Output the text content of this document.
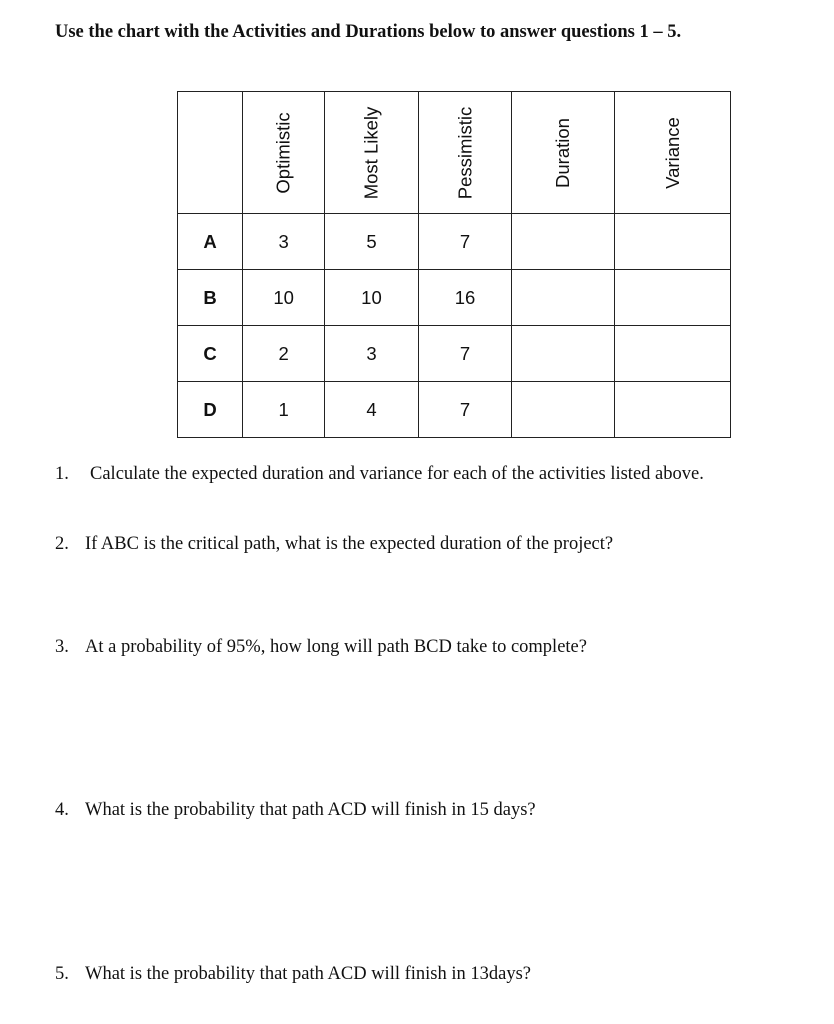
Use the chart with the Activities and Durations below to answer questions 1 – 5.
	Optimistic	Most Likely	Pessimistic	Duration	Variance
A	3	5	7		
B	10	10	16		
C	2	3	7		
D	1	4	7		
1. Calculate the expected duration and variance for each of the activities listed above.
2. If ABC is the critical path, what is the expected duration of the project?
3. At a probability of 95%, how long will path BCD take to complete?
4. What is the probability that path ACD will finish in 15 days?
5. What is the probability that path ACD will finish in 13days?
